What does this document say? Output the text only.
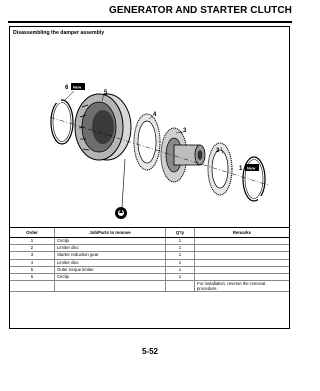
GENERATOR AND STARTER CLUTCH
Disassembling the damper assembly
6 New
5
4
3
2
1 New
Order	Job/Parts to remove	Q'ty	Remarks
1	Circlip	1	
2	Limiter disc	1	
3	Starter reduction gear	1	
4	Limiter disc	1	
5	Outer torque limiter	1	
6	Circlip	1	
			For installation, reverse the removal procedure.
5-52
